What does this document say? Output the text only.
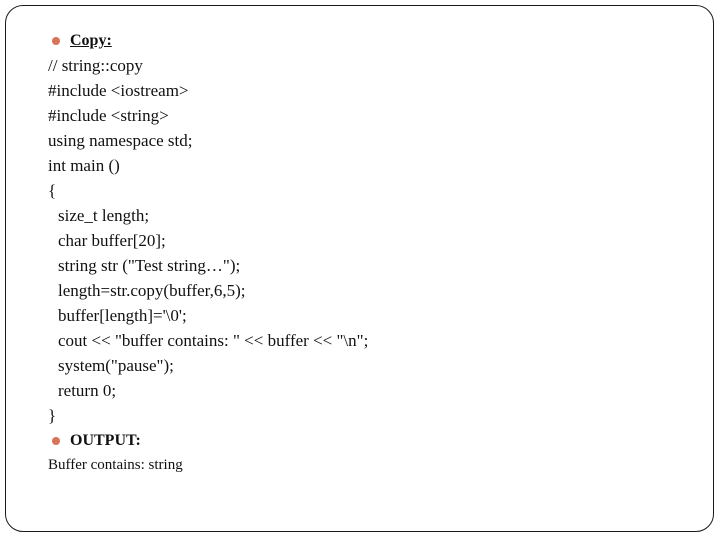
Copy:
// string::copy
#include <iostream>
#include <string>
using namespace std;
int main ()
{
size_t length;
char buffer[20];
string str ("Test string…");
length=str.copy(buffer,6,5);
buffer[length]='\0';
cout << "buffer contains: " << buffer << "\n";
system("pause");
return 0;
}
OUTPUT:
Buffer contains: string
